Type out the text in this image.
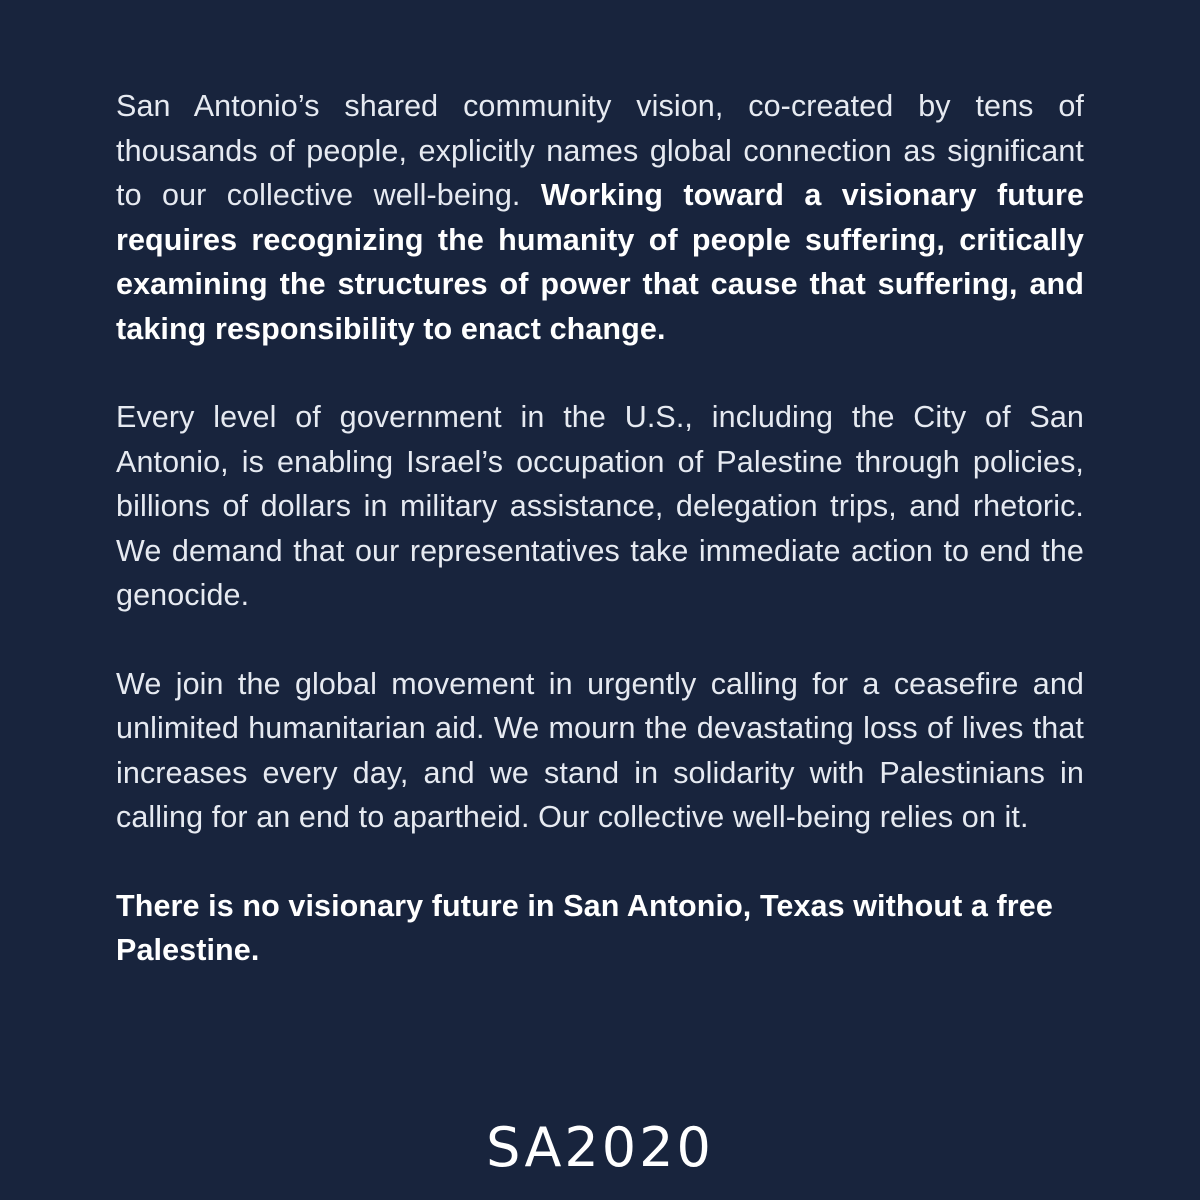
San Antonio’s shared community vision, co-created by tens of thousands of people, explicitly names global connection as significant to our collective well-being. Working toward a visionary future requires recognizing the humanity of people suffering, critically examining the structures of power that cause that suffering, and taking responsibility to enact change.

Every level of government in the U.S., including the City of San Antonio, is enabling Israel’s occupation of Palestine through policies, billions of dollars in military assistance, delegation trips, and rhetoric. We demand that our representatives take immediate action to end the genocide.

We join the global movement in urgently calling for a ceasefire and unlimited humanitarian aid. We mourn the devastating loss of lives that increases every day, and we stand in solidarity with Palestinians in calling for an end to apartheid. Our collective well-being relies on it.

There is no visionary future in San Antonio, Texas without a free Palestine.

SA2020
